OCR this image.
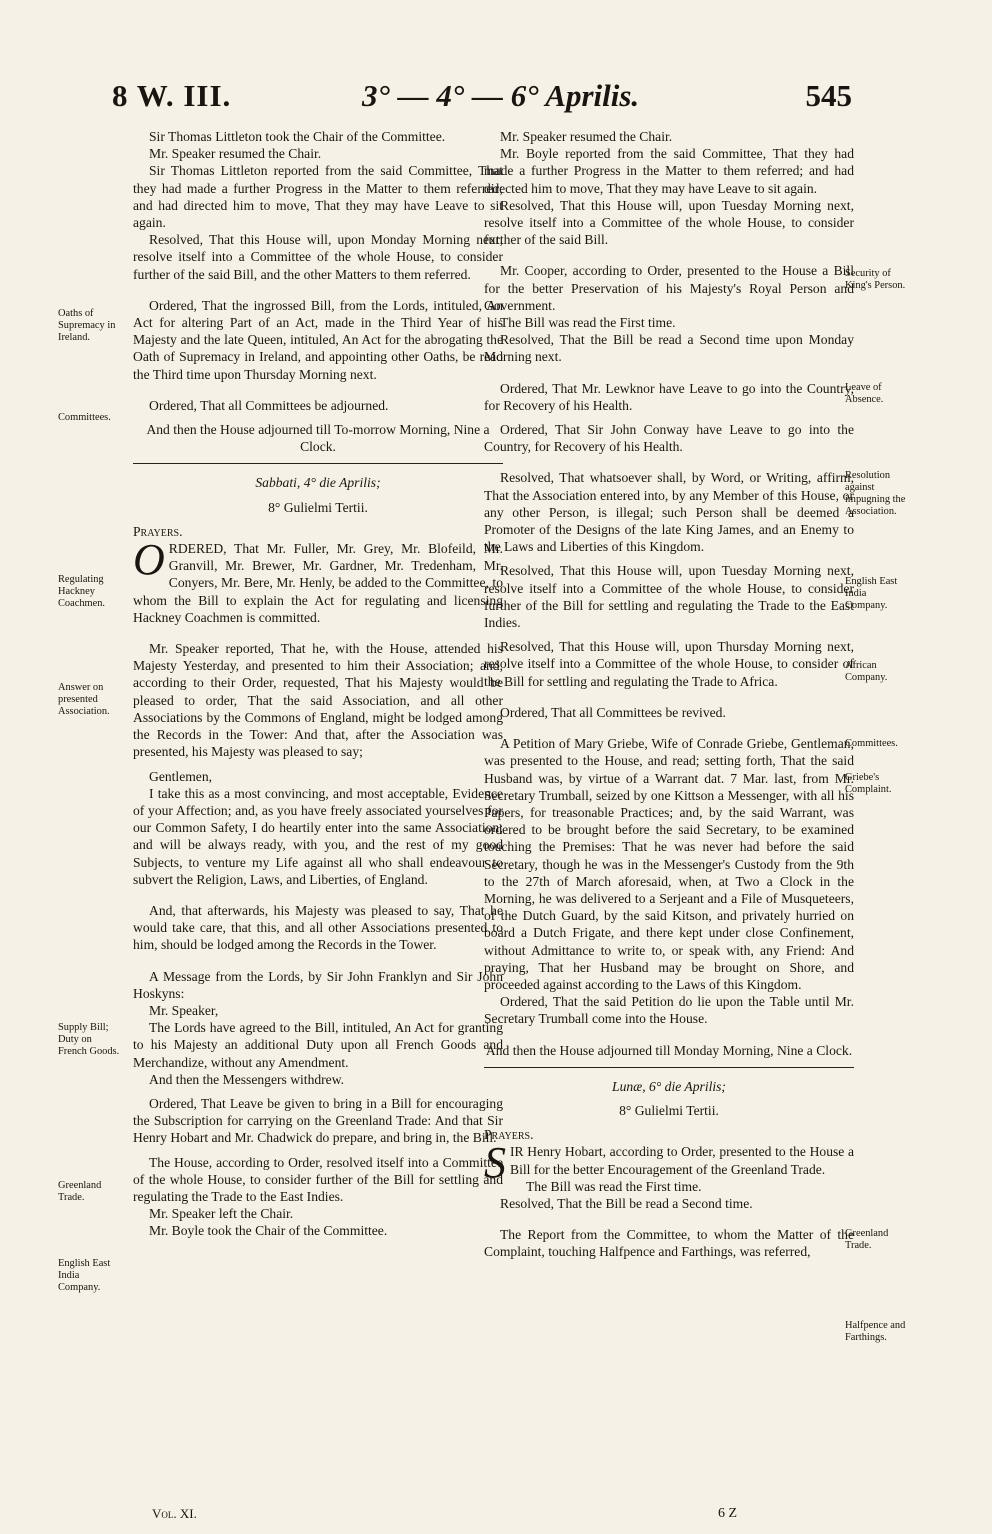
8 W. III.	3° — 4° — 6° Aprilis.	545

Sir Thomas Littleton took the Chair of the Committee.

Mr. Speaker resumed the Chair.

Sir Thomas Littleton reported from the said Committee, That they had made a further Progress in the Matter to them referred; and had directed him to move, That they may have Leave to sit again.

Resolved, That this House will, upon Monday Morning next, resolve itself into a Committee of the whole House, to consider further of the said Bill, and the other Matters to them referred.

Ordered, That the ingrossed Bill, from the Lords, intituled, An Act for altering Part of an Act, made in the Third Year of his Majesty and the late Queen, intituled, An Act for the abrogating the Oath of Supremacy in Ireland, and appointing other Oaths, be read the Third time upon Thursday Morning next.

Ordered, That all Committees be adjourned.

And then the House adjourned till To-morrow Morning, Nine a Clock.

Sabbati, 4° die Aprilis;

8° Gulielmi Tertii.

Prayers.

ORDERED, That Mr. Fuller, Mr. Grey, Mr. Blofeild, Mr. Granvill, Mr. Brewer, Mr. Gardner, Mr. Tredenham, Mr. Conyers, Mr. Bere, Mr. Henly, be added to the Committee, to whom the Bill to explain the Act for regulating and licensing Hackney Coachmen is committed.

Mr. Speaker reported, That he, with the House, attended his Majesty Yesterday, and presented to him their Association; and, according to their Order, requested, That his Majesty would be pleased to order, That the said Association, and all other Associations by the Commons of England, might be lodged among the Records in the Tower: And that, after the Association was presented, his Majesty was pleased to say;

Gentlemen,

I take this as a most convincing, and most acceptable, Evidence of your Affection; and, as you have freely associated yourselves for our Common Safety, I do heartily enter into the same Association; and will be always ready, with you, and the rest of my good Subjects, to venture my Life against all who shall endeavour to subvert the Religion, Laws, and Liberties, of England.

And, that afterwards, his Majesty was pleased to say, That he would take care, that this, and all other Associations presented to him, should be lodged among the Records in the Tower.

A Message from the Lords, by Sir John Franklyn and Sir John Hoskyns:

Mr. Speaker,

The Lords have agreed to the Bill, intituled, An Act for granting to his Majesty an additional Duty upon all French Goods and Merchandize, without any Amendment.

And then the Messengers withdrew.

Ordered, That Leave be given to bring in a Bill for encouraging the Subscription for carrying on the Greenland Trade: And that Sir Henry Hobart and Mr. Chadwick do prepare, and bring in, the Bill.

The House, according to Order, resolved itself into a Committee of the whole House, to consider further of the Bill for settling and regulating the Trade to the East Indies.

Mr. Speaker left the Chair.

Mr. Boyle took the Chair of the Committee.

Mr. Speaker resumed the Chair.

Mr. Boyle reported from the said Committee, That they had made a further Progress in the Matter to them referred; and had directed him to move, That they may have Leave to sit again.

Resolved, That this House will, upon Tuesday Morning next, resolve itself into a Committee of the whole House, to consider further of the said Bill.

Mr. Cooper, according to Order, presented to the House a Bill for the better Preservation of his Majesty's Royal Person and Government.

The Bill was read the First time.

Resolved, That the Bill be read a Second time upon Monday Morning next.

Ordered, That Mr. Lewknor have Leave to go into the Country, for Recovery of his Health.

Ordered, That Sir John Conway have Leave to go into the Country, for Recovery of his Health.

Resolved, That whatsoever shall, by Word, or Writing, affirm, That the Association entered into, by any Member of this House, or any other Person, is illegal; such Person shall be deemed a Promoter of the Designs of the late King James, and an Enemy to the Laws and Liberties of this Kingdom.

Resolved, That this House will, upon Tuesday Morning next, resolve itself into a Committee of the whole House, to consider further of the Bill for settling and regulating the Trade to the East Indies.

Resolved, That this House will, upon Thursday Morning next, resolve itself into a Committee of the whole House, to consider of the Bill for settling and regulating the Trade to Africa.

Ordered, That all Committees be revived.

A Petition of Mary Griebe, Wife of Conrade Griebe, Gentleman, was presented to the House, and read; setting forth, That the said Husband was, by virtue of a Warrant dat. 7 Mar. last, from Mr. Secretary Trumball, seized by one Kittson a Messenger, with all his Papers, for treasonable Practices; and, by the said Warrant, was ordered to be brought before the said Secretary, to be examined touching the Premises: That he was never had before the said Secretary, though he was in the Messenger's Custody from the 9th to the 27th of March aforesaid, when, at Two a Clock in the Morning, he was delivered to a Serjeant and a File of Musqueteers, of the Dutch Guard, by the said Kitson, and privately hurried on board a Dutch Frigate, and there kept under close Confinement, without Admittance to write to, or speak with, any Friend: And praying, That her Husband may be brought on Shore, and proceeded against according to the Laws of this Kingdom.

Ordered, That the said Petition do lie upon the Table until Mr. Secretary Trumball come into the House.

And then the House adjourned till Monday Morning, Nine a Clock.

Lunæ, 6° die Aprilis;

8° Gulielmi Tertii.

Prayers.

SIR Henry Hobart, according to Order, presented to the House a Bill for the better Encouragement of the Greenland Trade.

The Bill was read the First time.

Resolved, That the Bill be read a Second time.

The Report from the Committee, to whom the Matter of the Complaint, touching Halfpence and Farthings, was referred,

Oaths of Supremacy in Ireland.
Committees.
Regulating Hackney Coachmen.
Answer on presented Association.
Supply Bill; Duty on French Goods.
Greenland Trade.
English East India Company.
Security of King's Person.
Leave of Absence.
Resolution against impugning the Association.
English East India Company.
African Company.
Committees.
Griebe's Complaint.
Greenland Trade.
Halfpence and Farthings.
Vol. XI.	6 Z
